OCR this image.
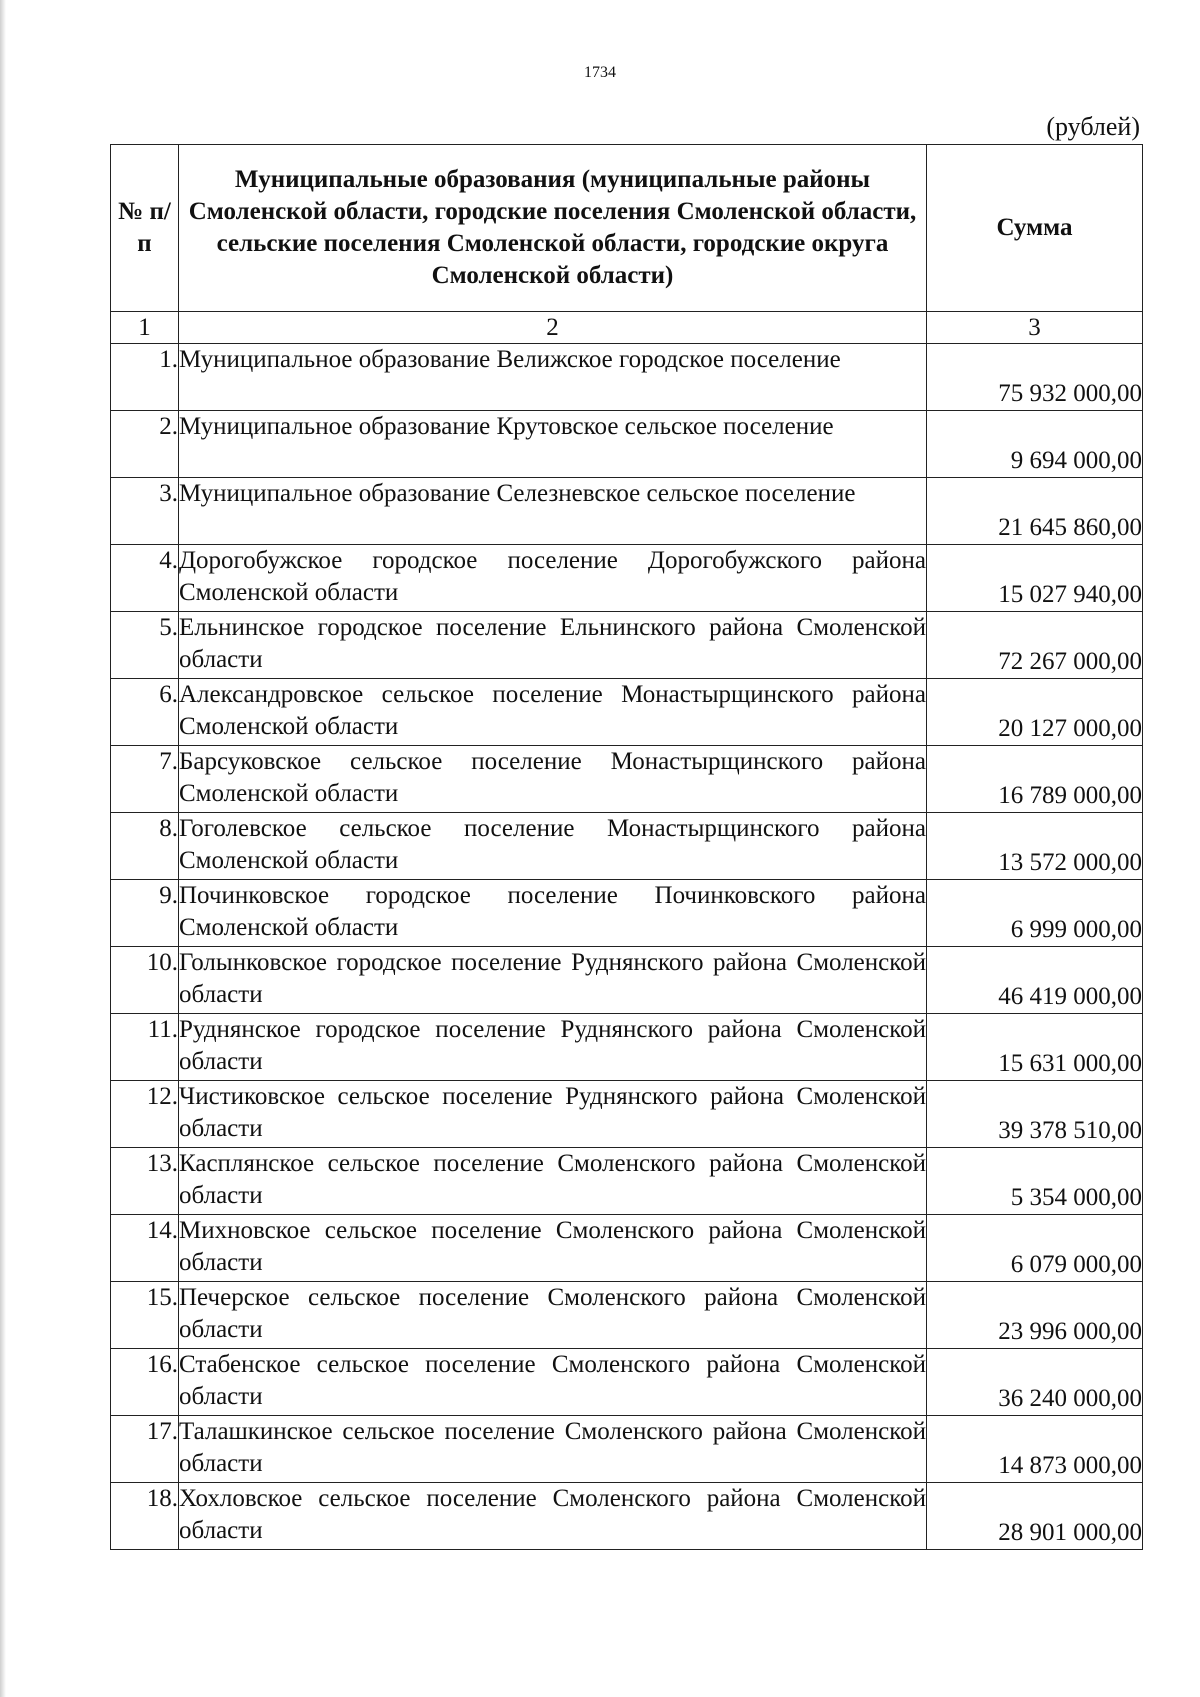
1734
(рублей)
№ п/п	Муниципальные образования (муниципальные районы Смоленской области, городские поселения Смоленской области, сельские поселения Смоленской области, городские округа Смоленской области)	Сумма
1	2	3
1.	Муниципальное образование Велижское городское поселение	75 932 000,00
2.	Муниципальное образование Крутовское сельское поселение	9 694 000,00
3.	Муниципальное образование Селезневское сельское поселение	21 645 860,00
4.	Дорогобужское городское поселение Дорогобужского района Смоленской области	15 027 940,00
5.	Ельнинское городское поселение Ельнинского района Смоленской области	72 267 000,00
6.	Александровское сельское поселение Монастырщинского района Смоленской области	20 127 000,00
7.	Барсуковское сельское поселение Монастырщинского района Смоленской области	16 789 000,00
8.	Гоголевское сельское поселение Монастырщинского района Смоленской области	13 572 000,00
9.	Починковское городское поселение Починковского района Смоленской области	6 999 000,00
10.	Голынковское городское поселение Руднянского района Смоленской области	46 419 000,00
11.	Руднянское городское поселение Руднянского района Смоленской области	15 631 000,00
12.	Чистиковское сельское поселение Руднянского района Смоленской области	39 378 510,00
13.	Касплянское сельское поселение Смоленского района Смоленской области	5 354 000,00
14.	Михновское сельское поселение Смоленского района Смоленской области	6 079 000,00
15.	Печерское сельское поселение Смоленского района Смоленской области	23 996 000,00
16.	Стабенское сельское поселение Смоленского района Смоленской области	36 240 000,00
17.	Талашкинское сельское поселение Смоленского района Смоленской области	14 873 000,00
18.	Хохловское сельское поселение Смоленского района Смоленской области	28 901 000,00
